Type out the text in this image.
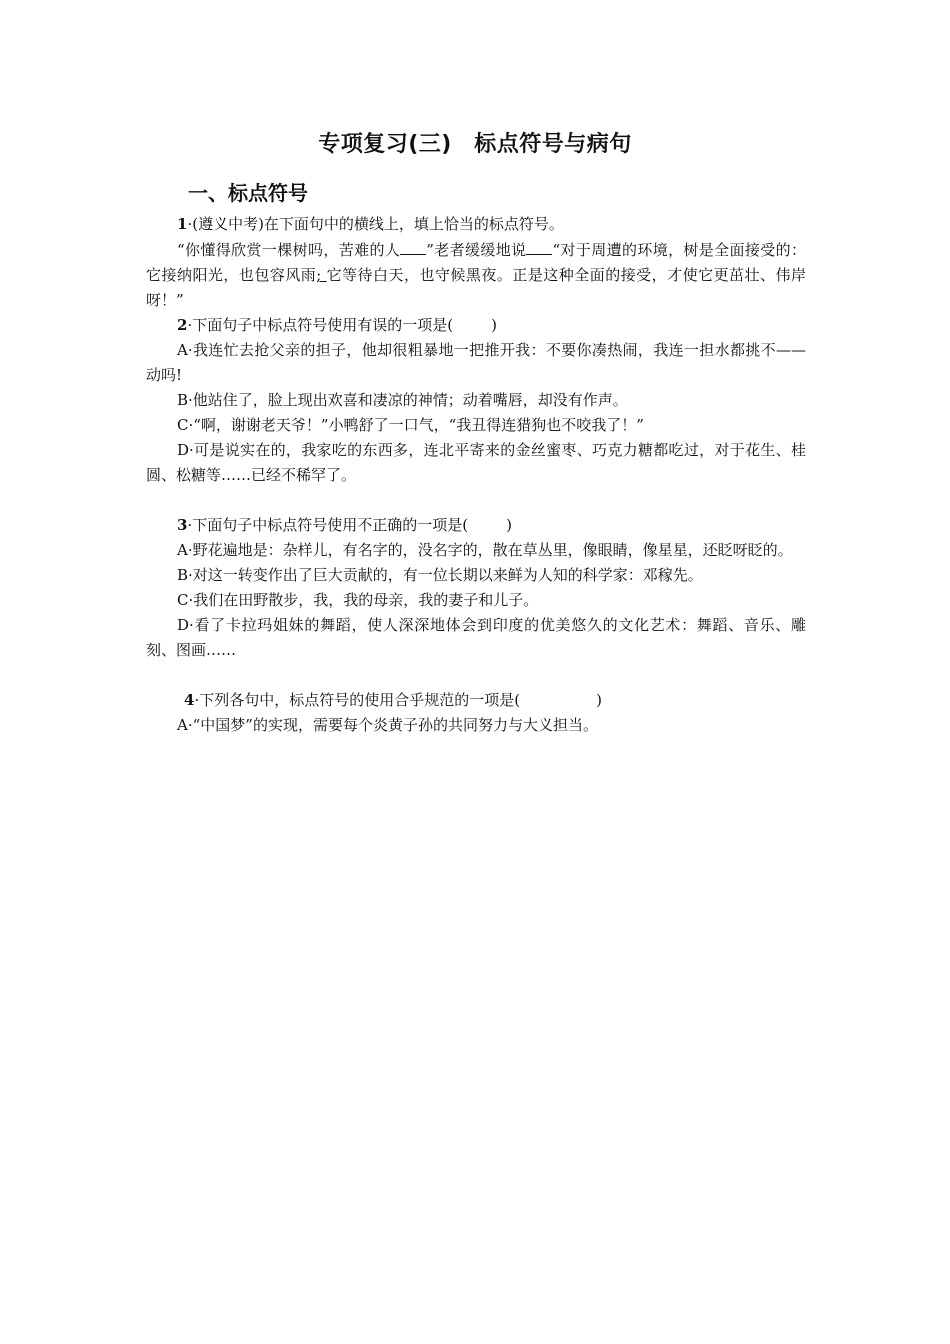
专项复习(三)　标点符号与病句
一、标点符号

1·(遵义中考)在下面句中的横线上，填上恰当的标点符号。

“你懂得欣赏一棵树吗，苦难的人 ”老者缓缓地说 “对于周遭的环境，树是全面接受的：它接纳阳光，也包容风雨; 它等待白天，也守候黑夜。正是这种全面的接受，才使它更茁壮、伟岸呀！”

2·下面句子中标点符号使用有误的一项是(	)

A·我连忙去抢父亲的担子，他却很粗暴地一把推开我：不要你凑热闹，我连一担水都挑不——动吗!

B·他站住了，脸上现出欢喜和凄凉的神情；动着嘴唇，却没有作声。

C·“啊，谢谢老天爷！”小鸭舒了一口气，“我丑得连猎狗也不咬我了！”

D·可是说实在的，我家吃的东西多，连北平寄来的金丝蜜枣、巧克力糖都吃过，对于花生、桂圆、松糖等……已经不稀罕了。

3·下面句子中标点符号使用不正确的一项是(	)

A·野花遍地是：杂样儿，有名字的，没名字的，散在草丛里，像眼睛，像星星，还眨呀眨的。

B·对这一转变作出了巨大贡献的，有一位长期以来鲜为人知的科学家：邓稼先。

C·我们在田野散步，我，我的母亲，我的妻子和儿子。

D·看了卡拉玛姐妹的舞蹈，使人深深地体会到印度的优美悠久的文化艺术：舞蹈、音乐、雕刻、图画……

4·下列各句中，标点符号的使用合乎规范的一项是(	)

A·“中国梦”的实现，需要每个炎黄子孙的共同努力与大义担当。
